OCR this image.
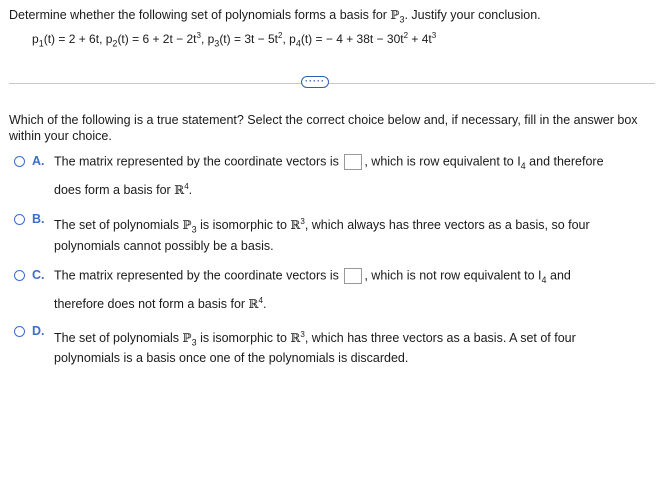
Determine whether the following set of polynomials forms a basis for ℙ$_3$. Justify your conclusion.
$p_1(t) = 2 + 6t$, $p_2(t) = 6 + 2t - 2t^3$, $p_3(t) = 3t - 5t^2$, $p_4(t)$ = − $4 + 38t - 30t^2 + 4t^3$
·····
Which of the following is a true statement? Select the correct choice below and, if necessary, fill in the answer box within your choice.
A. The matrix represented by the coordinate vectors is , which is row equivalent to $I_4$ and therefore
does form a basis for ℝ$^4$.
B. The set of polynomials ℙ$_3$ is isomorphic to ℝ$^3$, which always has three vectors as a basis, so four
polynomials cannot possibly be a basis.
C. The matrix represented by the coordinate vectors is , which is not row equivalent to $I_4$ and
therefore does not form a basis for ℝ$^4$.
D. The set of polynomials ℙ$_3$ is isomorphic to ℝ$^3$, which has three vectors as a basis. A set of four
polynomials is a basis once one of the polynomials is discarded.
